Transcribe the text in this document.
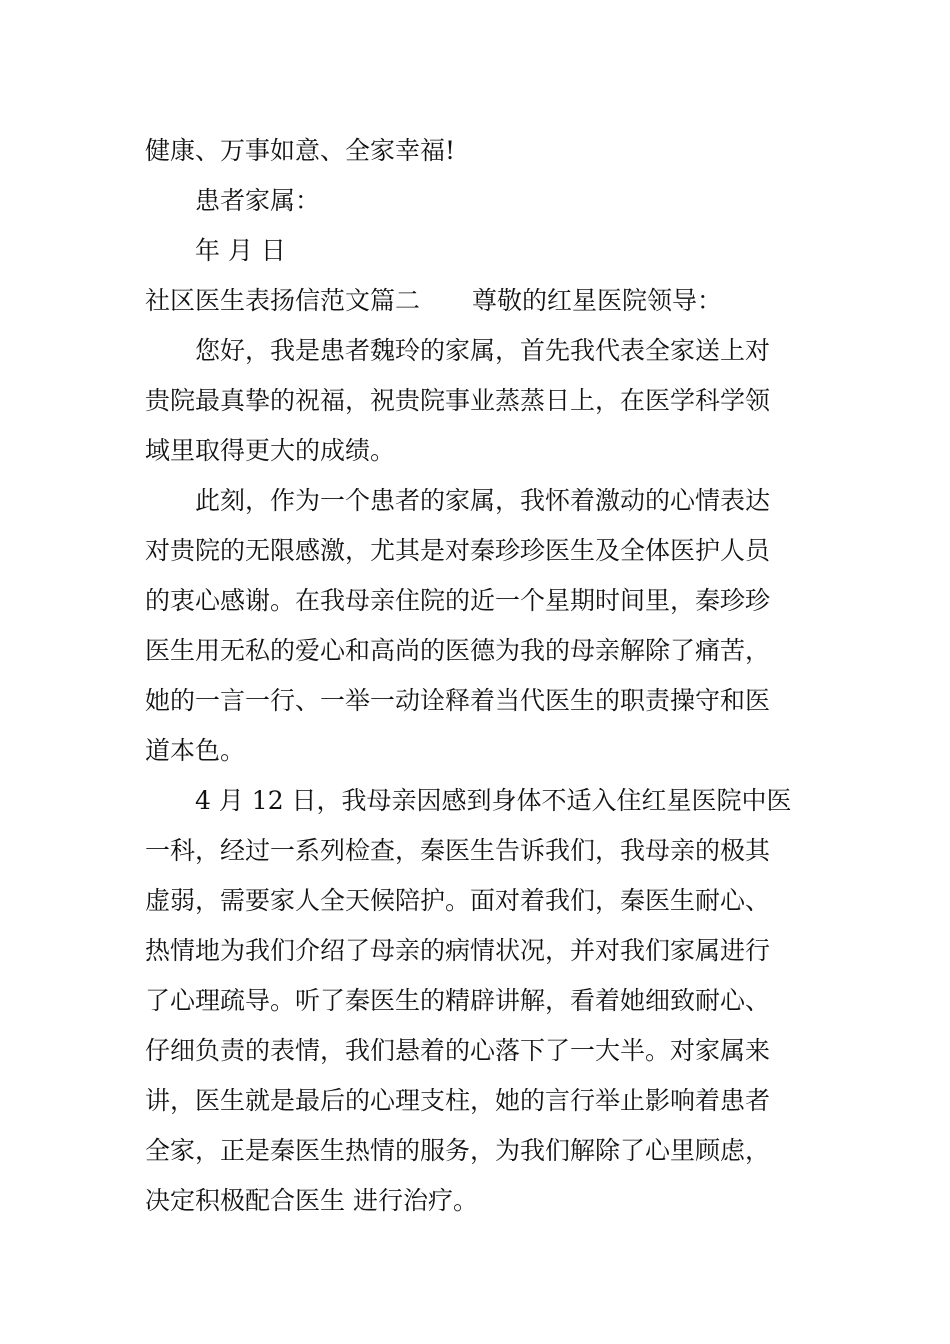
健康、万事如意、全家幸福!
患者家属：
年 月 日
社区医生表扬信范文篇二 尊敬的红星医院领导：
您好，我是患者魏玲的家属，首先我代表全家送上对
贵院最真挚的祝福，祝贵院事业蒸蒸日上，在医学科学领
域里取得更大的成绩。
此刻，作为一个患者的家属，我怀着激动的心情表达
对贵院的无限感激，尤其是对秦珍珍医生及全体医护人员
的衷心感谢。在我母亲住院的近一个星期时间里，秦珍珍
医生用无私的爱心和高尚的医德为我的母亲解除了痛苦，
她的一言一行、一举一动诠释着当代医生的职责操守和医
道本色。
4 月 12 日，我母亲因感到身体不适入住红星医院中医
一科，经过一系列检查，秦医生告诉我们，我母亲的极其
虚弱，需要家人全天候陪护。面对着我们，秦医生耐心、
热情地为我们介绍了母亲的病情状况，并对我们家属进行
了心理疏导。听了秦医生的精辟讲解，看着她细致耐心、
仔细负责的表情，我们悬着的心落下了一大半。对家属来
讲，医生就是最后的心理支柱，她的言行举止影响着患者
全家，正是秦医生热情的服务，为我们解除了心里顾虑，
决定积极配合医生 进行治疗。
